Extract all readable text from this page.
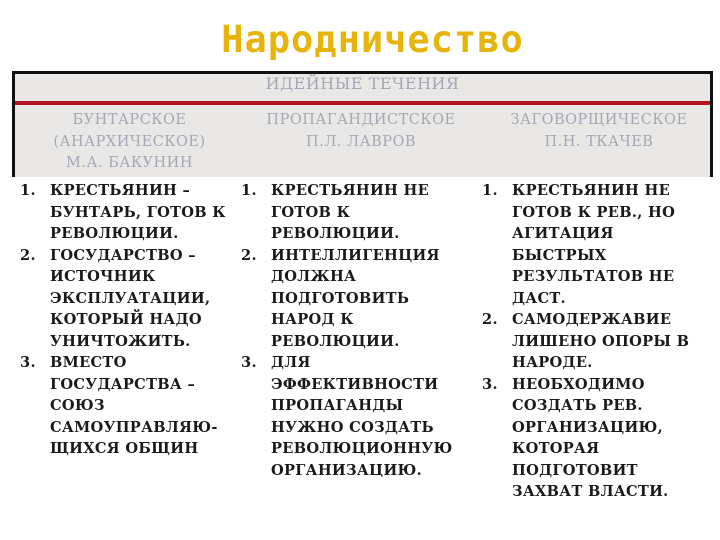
Народничество
ИДЕЙНЫЕ ТЕЧЕНИЯ
БУНТАРСКОЕ
(АНАРХИЧЕСКОЕ)
М.А. БАКУНИН
ПРОПАГАНДИСТСКОЕ
П.Л. ЛАВРОВ
ЗАГОВОРЩИЧЕСКОЕ
П.Н. ТКАЧЕВ
1. КРЕСТЬЯНИН –
БУНТАРЬ, ГОТОВ К
РЕВОЛЮЦИИ.
2. ГОСУДАРСТВО –
ИСТОЧНИК
ЭКСПЛУАТАЦИИ,
КОТОРЫЙ НАДО
УНИЧТОЖИТЬ.
3. ВМЕСТО
ГОСУДАРСТВА –
СОЮЗ
САМОУПРАВЛЯЮ-
ЩИХСЯ ОБЩИН
1. КРЕСТЬЯНИН НЕ
ГОТОВ К
РЕВОЛЮЦИИ.
2. ИНТЕЛЛИГЕНЦИЯ
ДОЛЖНА
ПОДГОТОВИТЬ
НАРОД К
РЕВОЛЮЦИИ.
3. ДЛЯ
ЭФФЕКТИВНОСТИ
ПРОПАГАНДЫ
НУЖНО СОЗДАТЬ
РЕВОЛЮЦИОННУЮ
ОРГАНИЗАЦИЮ.
1. КРЕСТЬЯНИН НЕ
ГОТОВ К РЕВ., НО
АГИТАЦИЯ
БЫСТРЫХ
РЕЗУЛЬТАТОВ НЕ
ДАСТ.
2. САМОДЕРЖАВИЕ
ЛИШЕНО ОПОРЫ В
НАРОДЕ.
3. НЕОБХОДИМО
СОЗДАТЬ РЕВ.
ОРГАНИЗАЦИЮ,
КОТОРАЯ
ПОДГОТОВИТ
ЗАХВАТ ВЛАСТИ.
